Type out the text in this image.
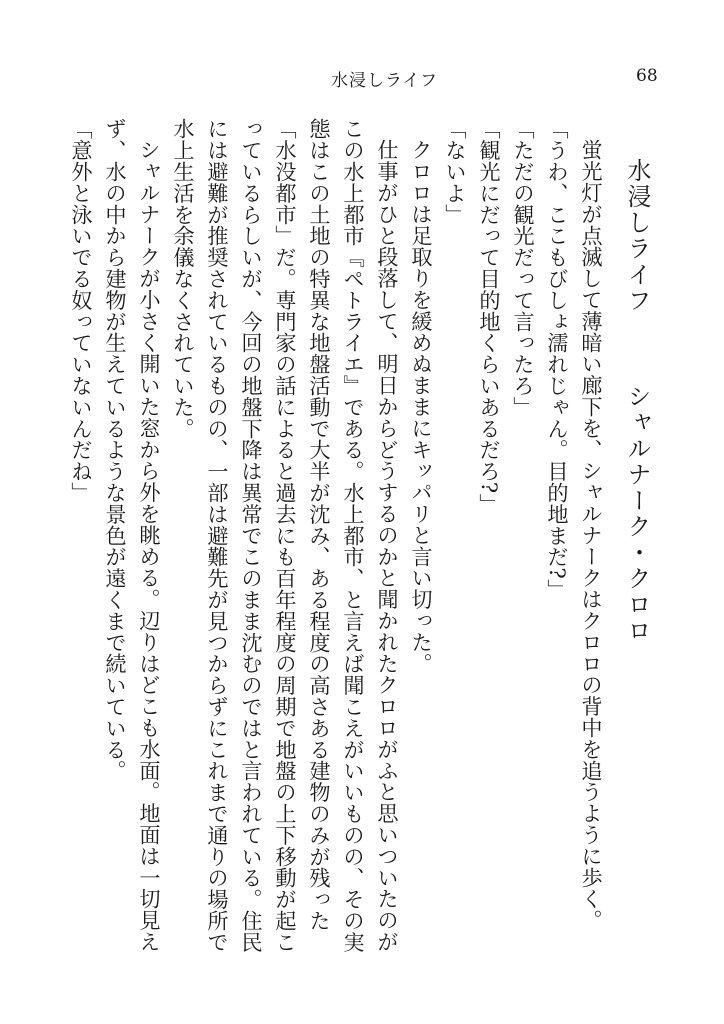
水浸しライフ	68
水浸しライフシャルナーク・クロロ

蛍光灯が点滅して薄暗い廊下を、シャルナークはクロロの背中を追うように歩く。

「うわ、ここもびしょ濡れじゃん。目的地まだ?」

「ただの観光だって言ったろ」

「観光にだって目的地くらいあるだろ?」

「ないよ」

クロロは足取りを緩めぬままにキッパリと言い切った。

仕事がひと段落して、明日からどうするのかと聞かれたクロロがふと思いついたのがこの水上都市『ペトライエ』である。水上都市、と言えば聞こえがいいものの、その実態はこの土地の特異な地盤活動で大半が沈み、ある程度の高さある建物のみが残った「水没都市」だ。専門家の話によると過去にも百年程度の周期で地盤の上下移動が起こっているらしいが、今回の地盤下降は異常でこのまま沈むのではと言われている。住民には避難が推奨されているものの、一部は避難先が見つからずにこれまで通りの場所で水上生活を余儀なくされていた。

シャルナークが小さく開いた窓から外を眺める。辺りはどこも水面。地面は一切見えず、水の中から建物が生えているような景色が遠くまで続いている。

「意外と泳いでる奴っていないんだね」
